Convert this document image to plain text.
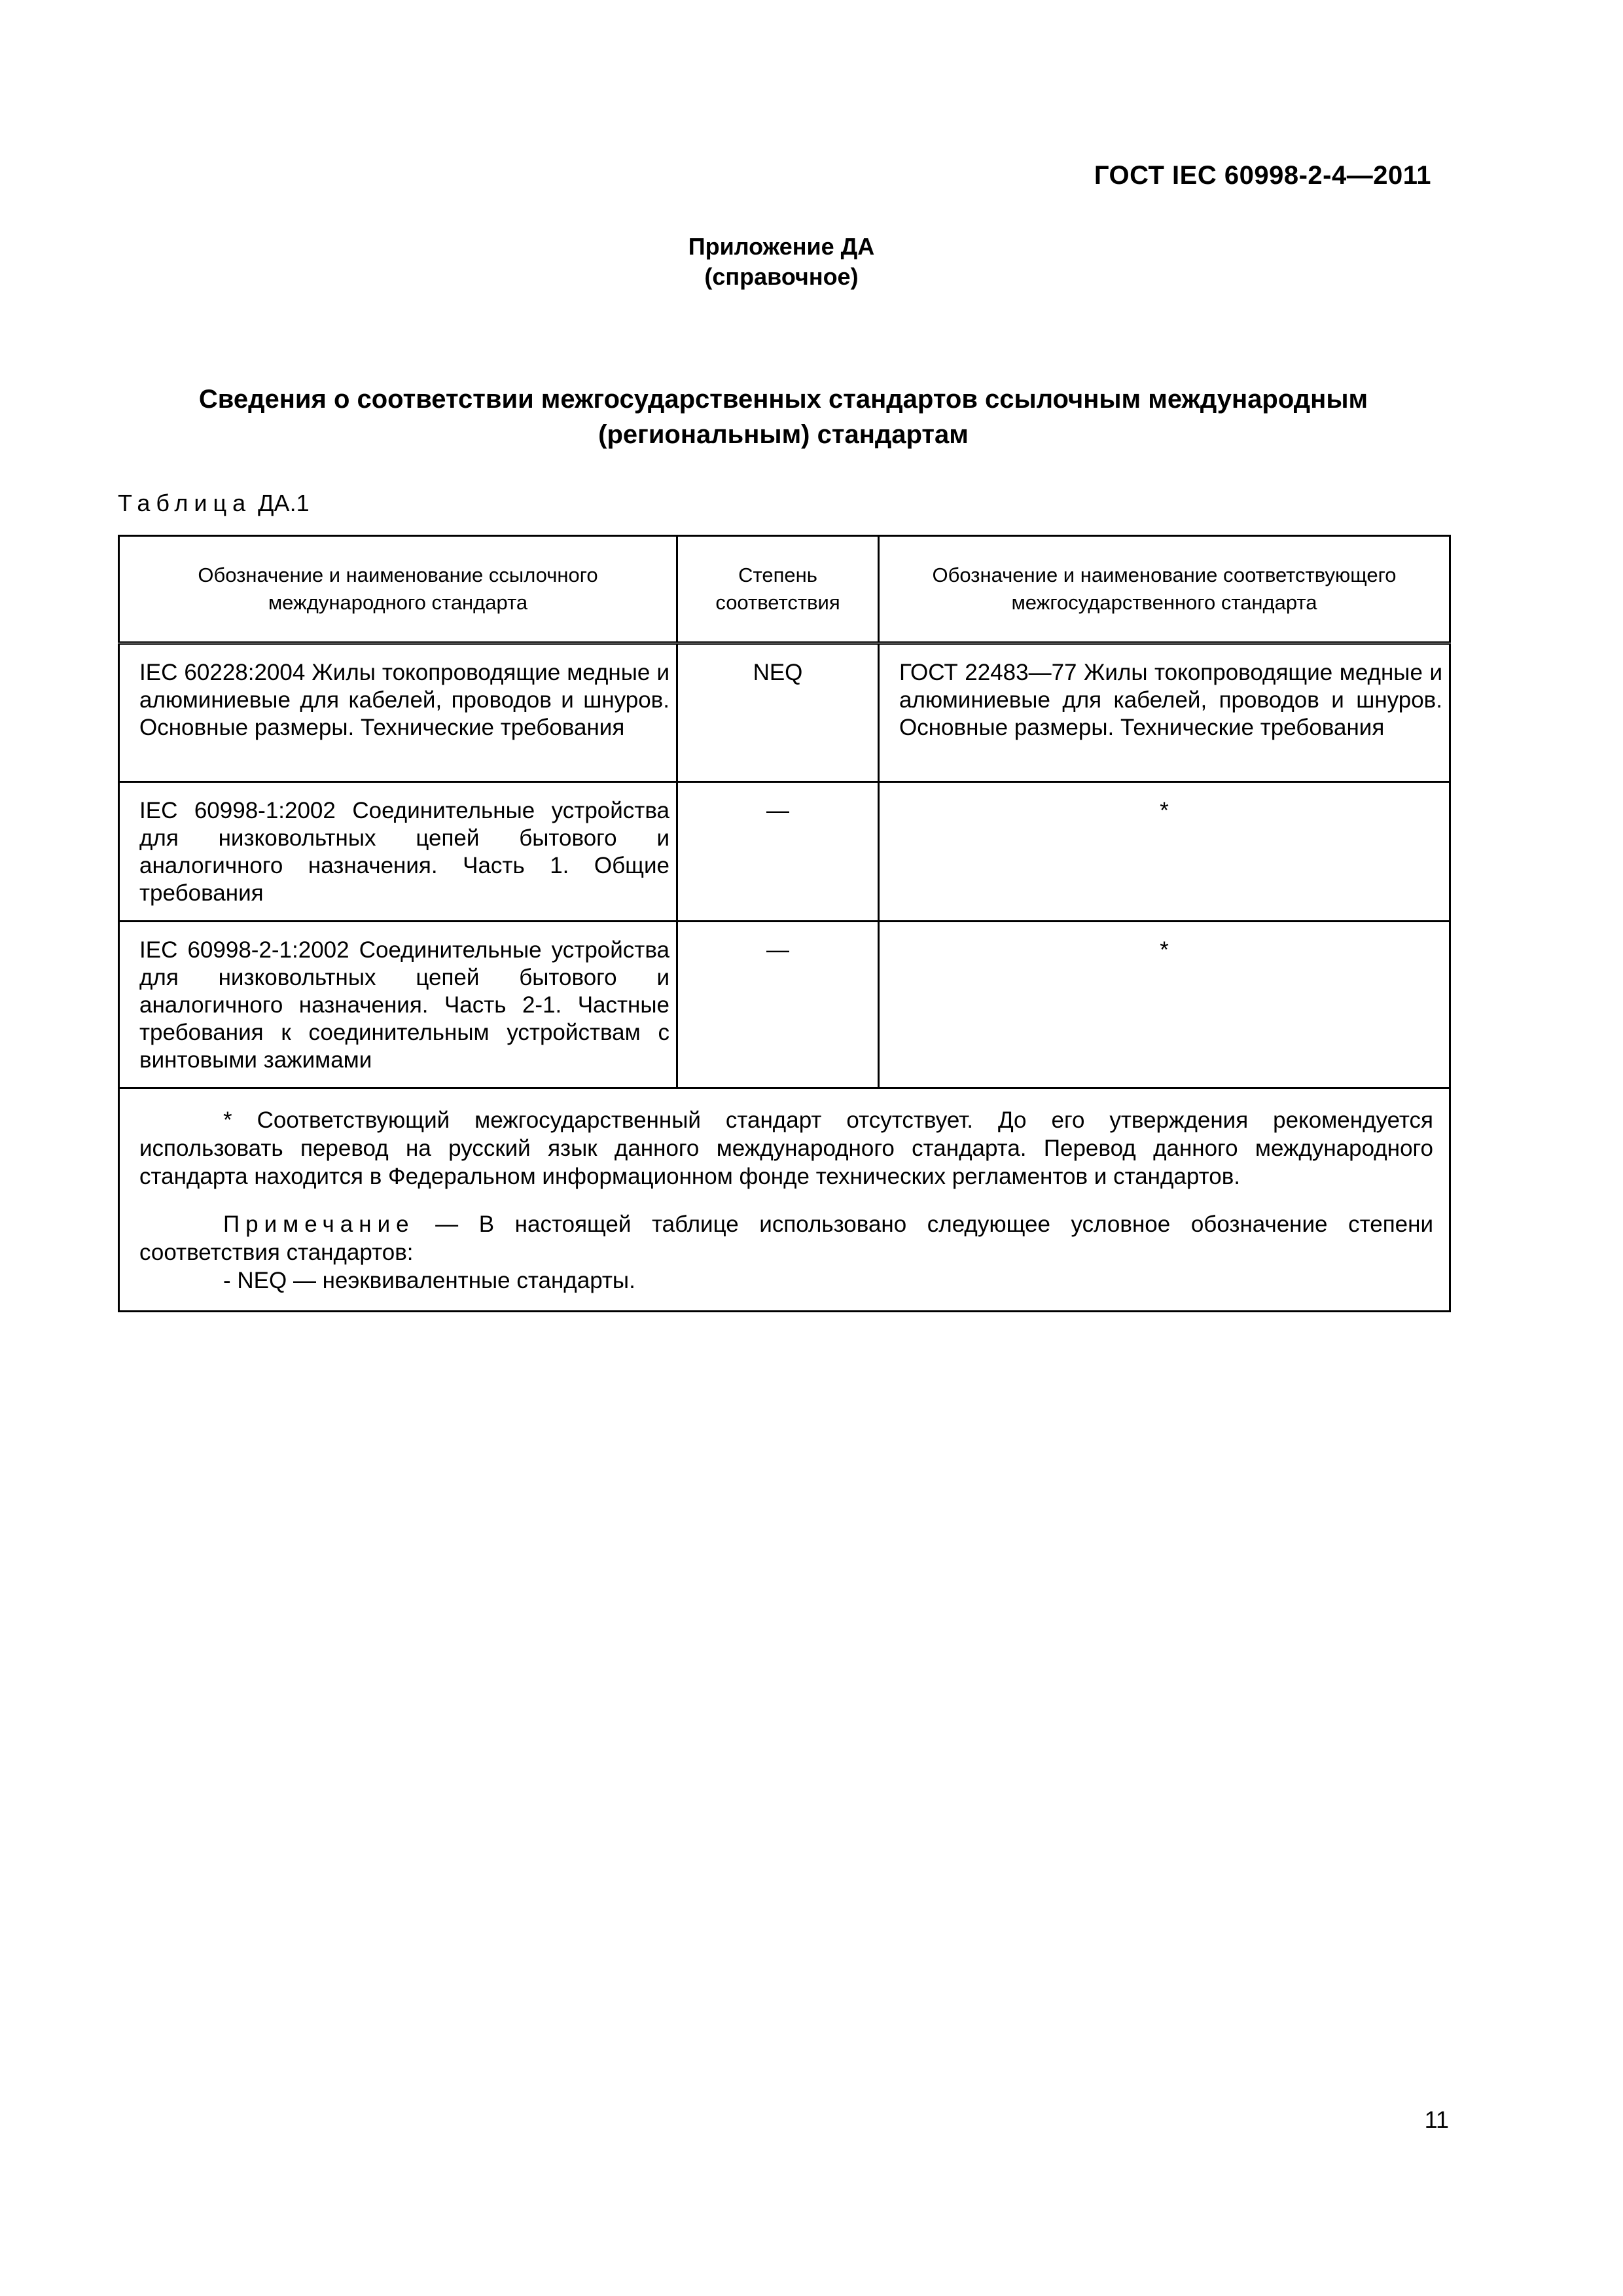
ГОСТ IEC 60998-2-4—2011
Приложение ДА
(справочное)
Сведения о соответствии межгосударственных стандартов ссылочным международным
(региональным) стандартам
Таблица ДА.1
Обозначение и наименование ссылочного международного стандарта	Степень соответствия	Обозначение и наименование соответствующего межгосударственного стандарта
IEC 60228:2004 Жилы токопроводящие медные и алюминиевые для кабелей, проводов и шнуров. Основные размеры. Технические требования	NEQ	ГОСТ 22483—77 Жилы токопроводящие медные и алюминиевые для кабелей, проводов и шнуров. Основные размеры. Технические требования
IEC 60998-1:2002 Соединительные устройства для низковольтных цепей бытового и аналогичного назначения. Часть 1. Общие требования	—	*
IEC 60998-2-1:2002 Соединительные устройства для низковольтных цепей бытового и аналогичного назначения. Часть 2-1. Частные требования к соединительным устройствам с винтовыми зажимами	—	*

* Соответствующий межгосударственный стандарт отсутствует. До его утверждения рекомендуется использовать перевод на русский язык данного международного стандарта. Перевод данного международного стандарта находится в Федеральном информационном фонде технических регламентов и стандартов.

Примечание — В настоящей таблице использовано следующее условное обозначение степени соответствия стандартов:

- NEQ — неэквивалентные стандарты.		

11
